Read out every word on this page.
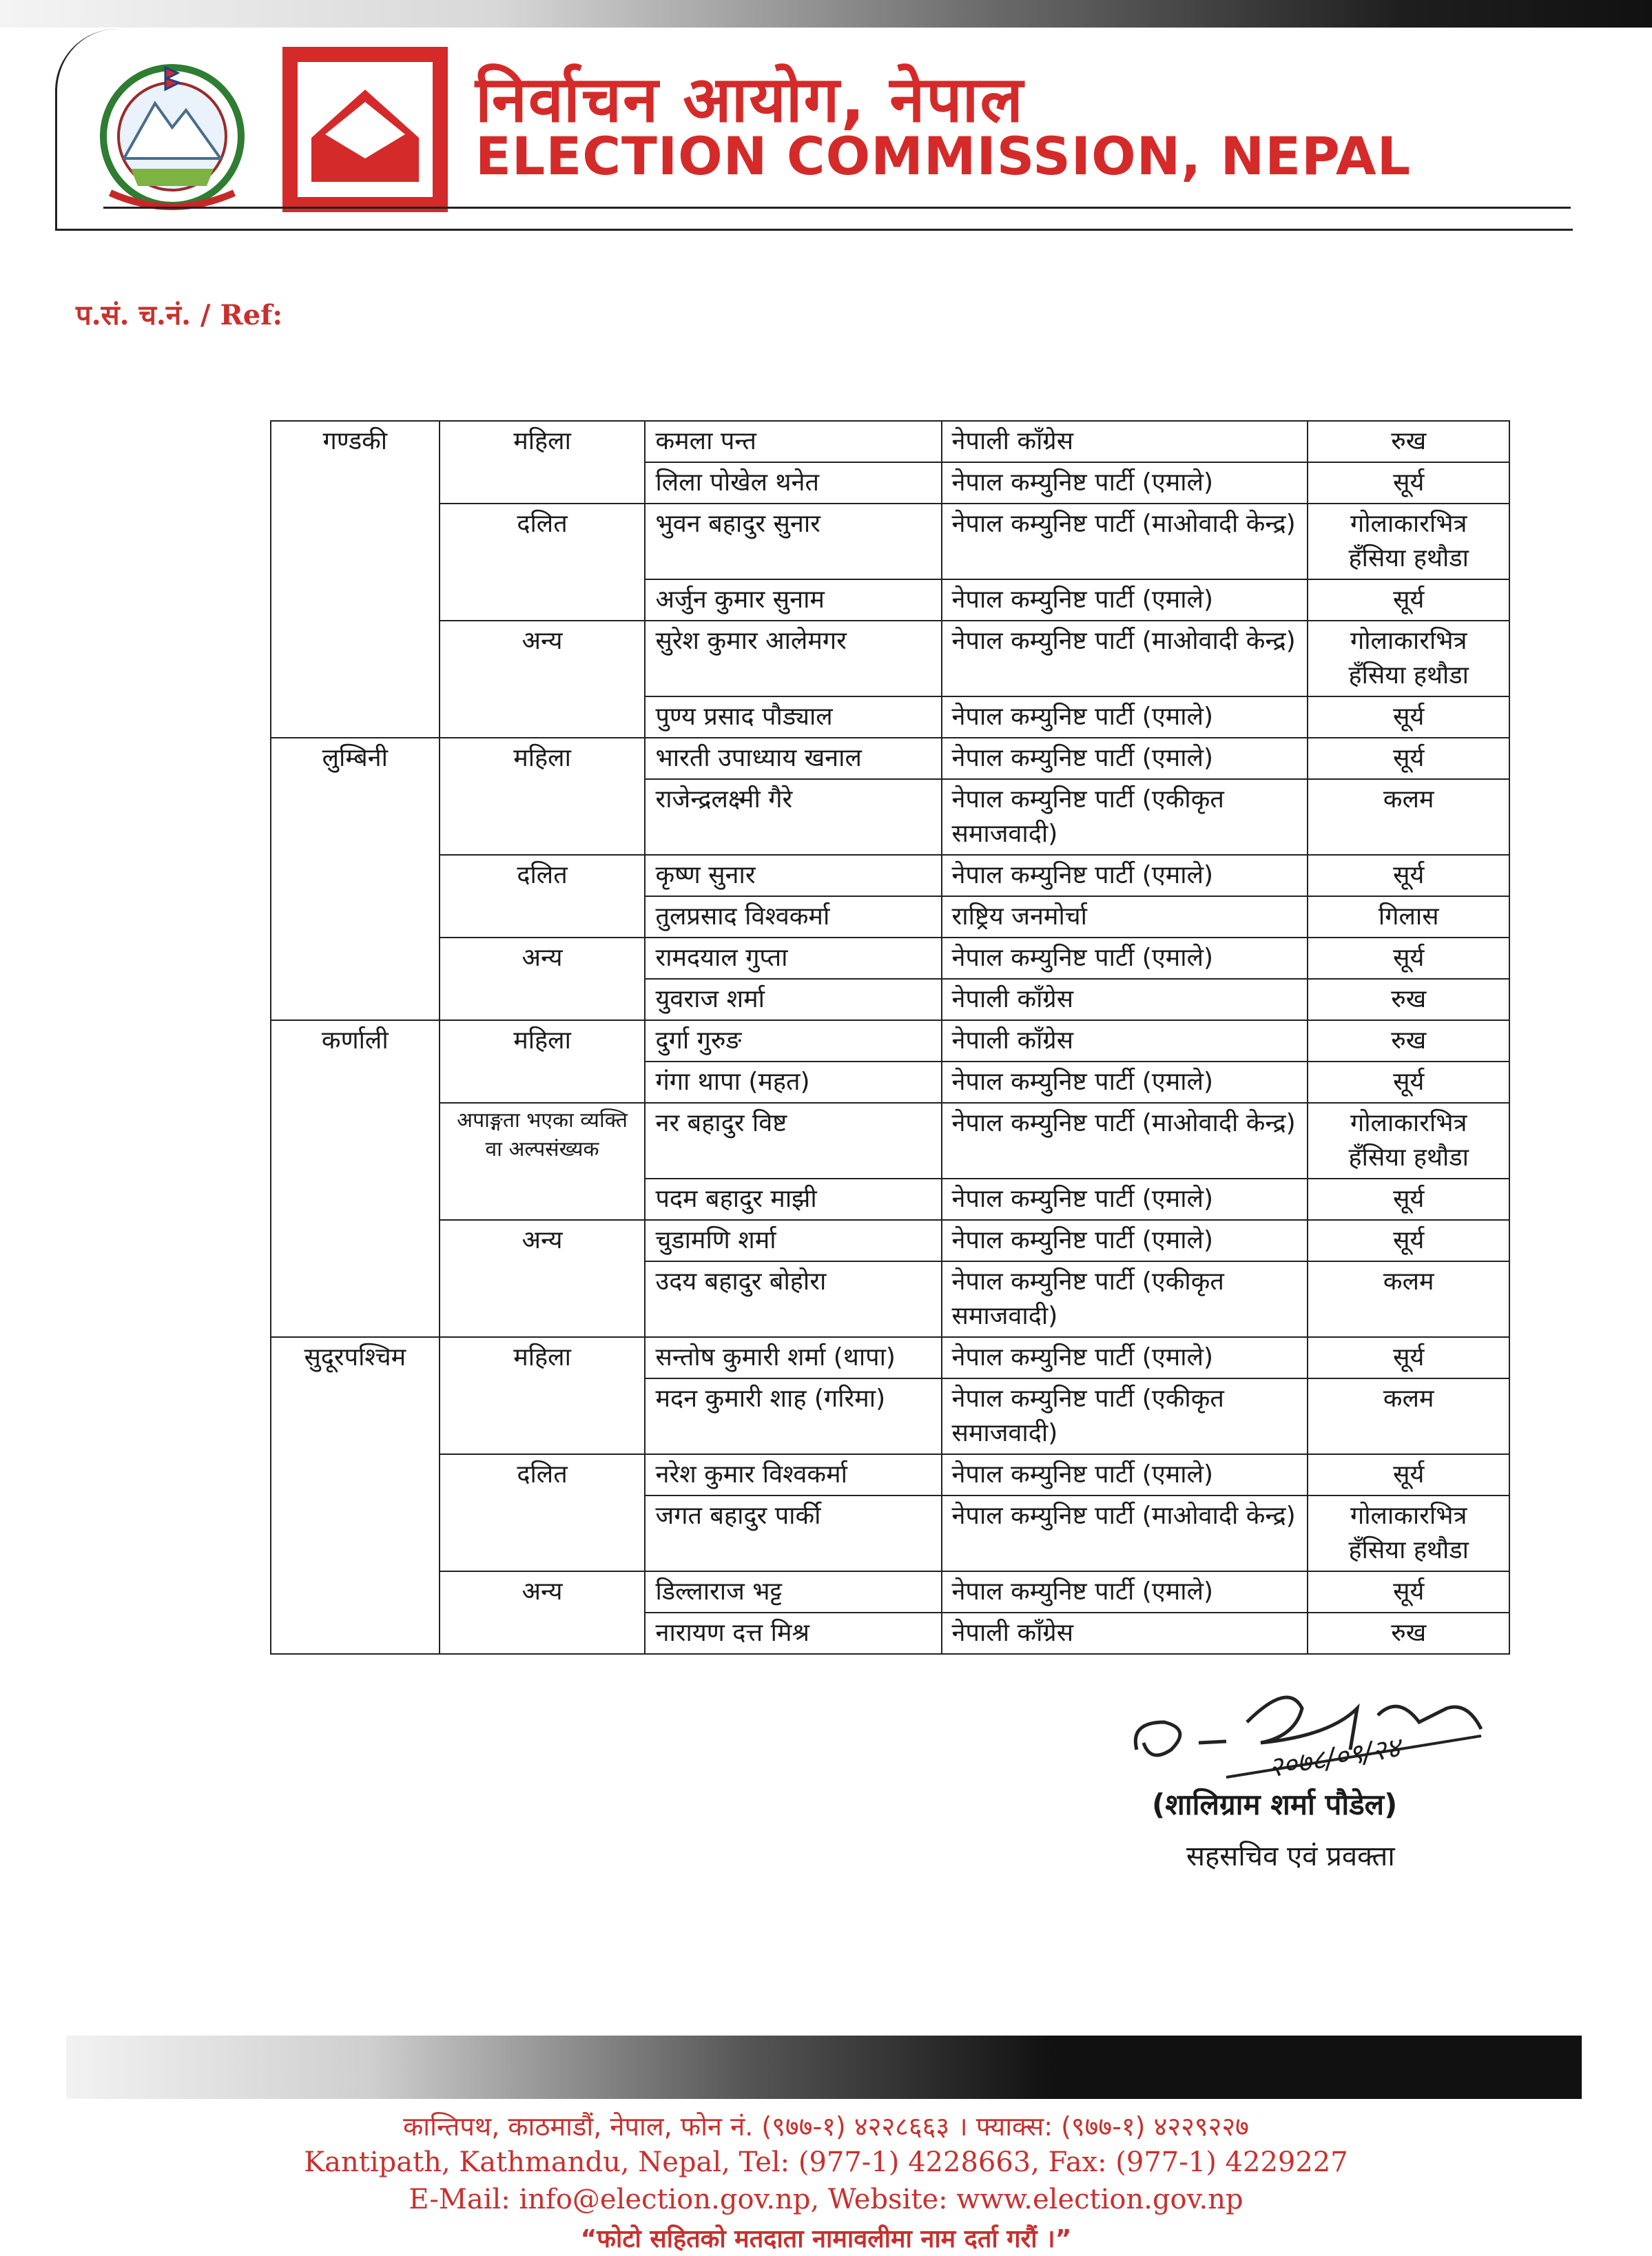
निर्वाचन आयोग, नेपाल
ELECTION COMMISSION, NEPAL
प.सं. च.नं. / Ref:
गण्डकी	महिला	कमला पन्त	नेपाली काँग्रेस	रुख
		लिला पोखेल थनेत	नेपाल कम्युनिष्ट पार्टी (एमाले)	सूर्य
	दलित	भुवन बहादुर सुनार	नेपाल कम्युनिष्ट पार्टी (माओवादी केन्द्र)	गोलाकारभित्र हँसिया हथौडा
		अर्जुन कुमार सुनाम	नेपाल कम्युनिष्ट पार्टी (एमाले)	सूर्य
	अन्य	सुरेश कुमार आलेमगर	नेपाल कम्युनिष्ट पार्टी (माओवादी केन्द्र)	गोलाकारभित्र हँसिया हथौडा
		पुण्य प्रसाद पौड्याल	नेपाल कम्युनिष्ट पार्टी (एमाले)	सूर्य
लुम्बिनी	महिला	भारती उपाध्याय खनाल	नेपाल कम्युनिष्ट पार्टी (एमाले)	सूर्य
		राजेन्द्रलक्ष्मी गैरे	नेपाल कम्युनिष्ट पार्टी (एकीकृत समाजवादी)	कलम
	दलित	कृष्ण सुनार	नेपाल कम्युनिष्ट पार्टी (एमाले)	सूर्य
		तुलप्रसाद विश्वकर्मा	राष्ट्रिय जनमोर्चा	गिलास
	अन्य	रामदयाल गुप्ता	नेपाल कम्युनिष्ट पार्टी (एमाले)	सूर्य
		युवराज शर्मा	नेपाली काँग्रेस	रुख
कर्णाली	महिला	दुर्गा गुरुङ	नेपाली काँग्रेस	रुख
		गंगा थापा (महत)	नेपाल कम्युनिष्ट पार्टी (एमाले)	सूर्य
	अपाङ्गता भएका व्यक्ति वा अल्पसंख्यक	नर बहादुर विष्ट	नेपाल कम्युनिष्ट पार्टी (माओवादी केन्द्र)	गोलाकारभित्र हँसिया हथौडा
		पदम बहादुर माझी	नेपाल कम्युनिष्ट पार्टी (एमाले)	सूर्य
	अन्य	चुडामणि शर्मा	नेपाल कम्युनिष्ट पार्टी (एमाले)	सूर्य
		उदय बहादुर बोहोरा	नेपाल कम्युनिष्ट पार्टी (एकीकृत समाजवादी)	कलम
सुदूरपश्चिम	महिला	सन्तोष कुमारी शर्मा (थापा)	नेपाल कम्युनिष्ट पार्टी (एमाले)	सूर्य
		मदन कुमारी शाह (गरिमा)	नेपाल कम्युनिष्ट पार्टी (एकीकृत समाजवादी)	कलम
	दलित	नरेश कुमार विश्वकर्मा	नेपाल कम्युनिष्ट पार्टी (एमाले)	सूर्य
		जगत बहादुर पार्की	नेपाल कम्युनिष्ट पार्टी (माओवादी केन्द्र)	गोलाकारभित्र हँसिया हथौडा
	अन्य	डिल्लाराज भट्ट	नेपाल कम्युनिष्ट पार्टी (एमाले)	सूर्य
		नारायण दत्त मिश्र	नेपाली काँग्रेस	रुख
२०७८/०९/२४
(शालिग्राम शर्मा पौडेल)
सहसचिव एवं प्रवक्ता
कान्तिपथ, काठमाडौं, नेपाल, फोन नं. (९७७-१) ४२२८६६३ । फ्याक्स: (९७७-१) ४२२९२२७
Kantipath, Kathmandu, Nepal, Tel: (977-1) 4228663, Fax: (977-1) 4229227
E-Mail: info@election.gov.np, Website: www.election.gov.np
“फोटो सहितको मतदाता नामावलीमा नाम दर्ता गरौं ।”
